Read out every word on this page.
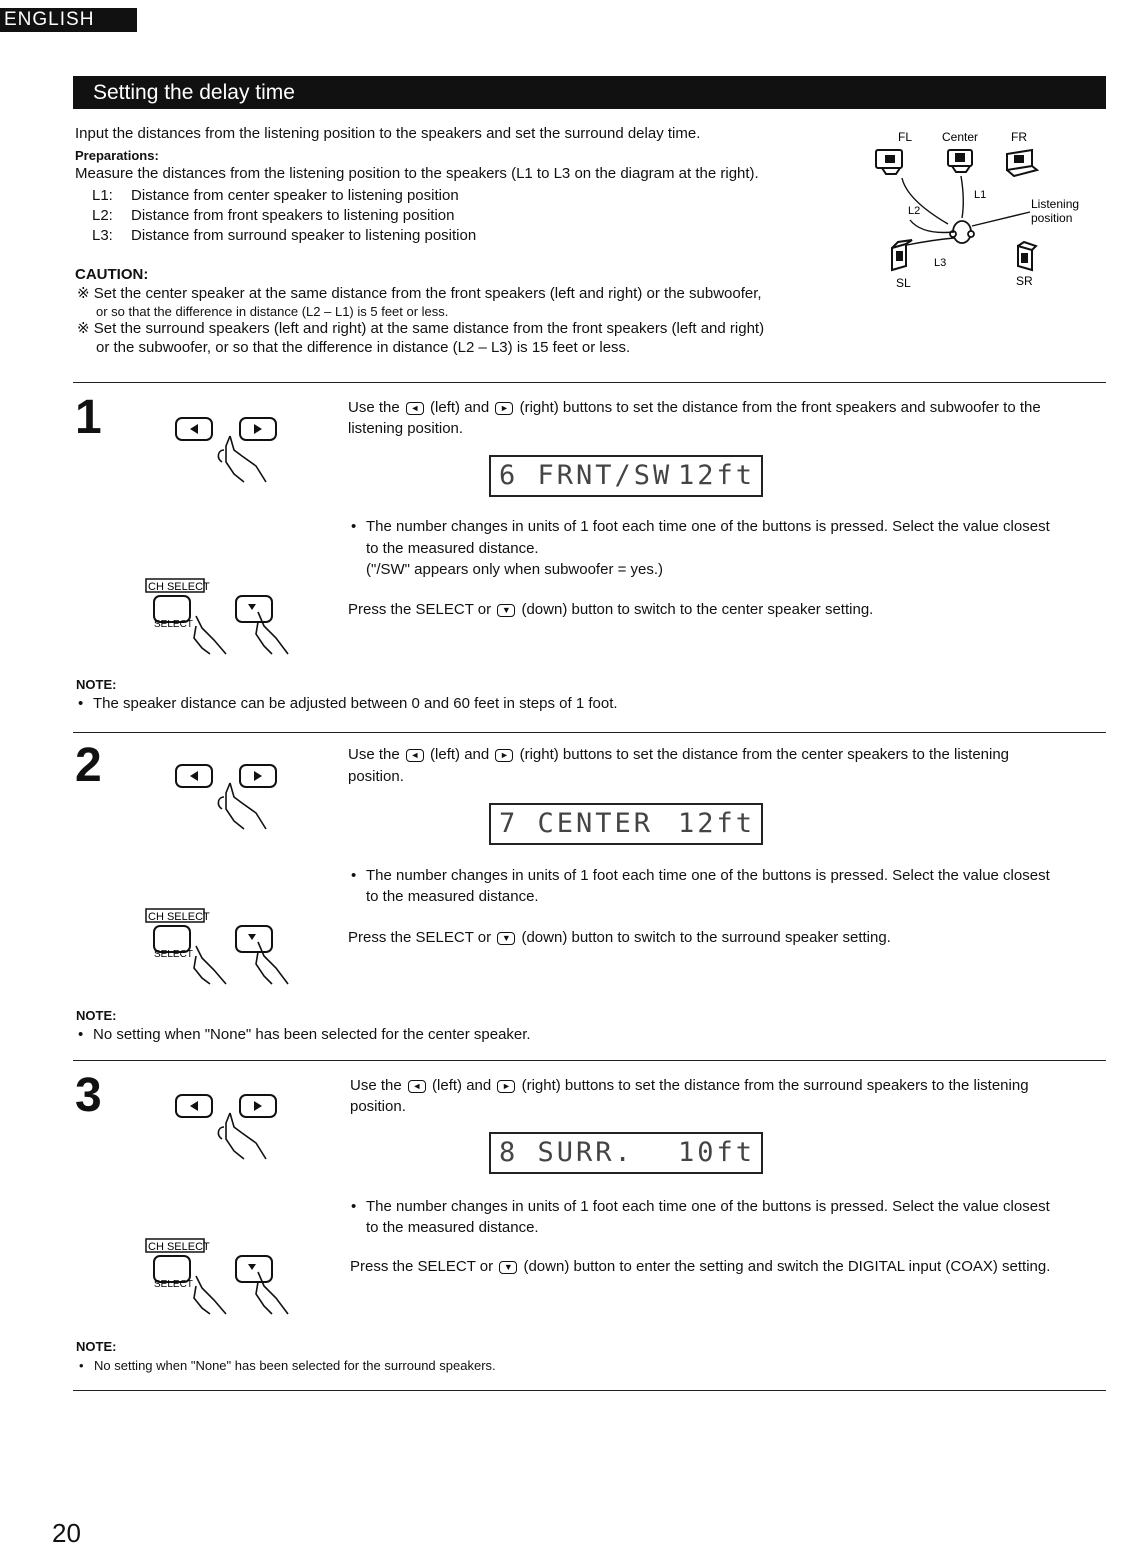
ENGLISH
Setting the delay time
Input the distances from the listening position to the speakers and set the surround delay time.
Preparations:
Measure the distances from the listening position to the speakers (L1 to L3 on the diagram at the right).
L1: Distance from center speaker to listening position
L2: Distance from front speakers to listening position
L3: Distance from surround speaker to listening position
CAUTION:
※ Set the center speaker at the same distance from the front speakers (left and right) or the subwoofer,
or so that the difference in distance (L2 – L1) is 5 feet or less.
※ Set the surround speakers (left and right) at the same distance from the front speakers (left and right)
or the subwoofer, or so that the difference in distance (L2 – L3) is 15 feet or less.
FL Center	FR
L1
L2
L3
Listening
position
SL	SR
1	Use the	◄ (left) and	► (right) buttons to set the distance from the front speakers and subwoofer to the
listening position.

6 FRNT/SW

12ft

• The number changes in units of 1 foot each time one of the buttons is pressed. Select the value closest
to the measured distance.
("/SW" appears only when subwoofer = yes.)
CH SELECT
SELECT
Press the SELECT or	▼ (down) button to switch to the center speaker setting.
NOTE:
• The speaker distance can be adjusted between 0 and 60 feet in steps of 1 foot.
2	Use the	◄ (left) and	► (right) buttons to set the distance from the center speakers to the listening
position.

7 CENTER

12ft

• The number changes in units of 1 foot each time one of the buttons is pressed. Select the value closest
to the measured distance.
CH SELECT
SELECT
Press the SELECT or	▼ (down) button to switch to the surround speaker setting.
NOTE:
• No setting when "None" has been selected for the center speaker.
3	Use the	◄ (left) and	► (right) buttons to set the distance from the surround speakers to the listening
position.

8 SURR.

10ft

• The number changes in units of 1 foot each time one of the buttons is pressed. Select the value closest
to the measured distance.
CH SELECT
SELECT
Press the SELECT or	▼ (down) button to enter the setting and switch the DIGITAL input (COAX) setting.
NOTE:
• No setting when "None" has been selected for the surround speakers.
20
